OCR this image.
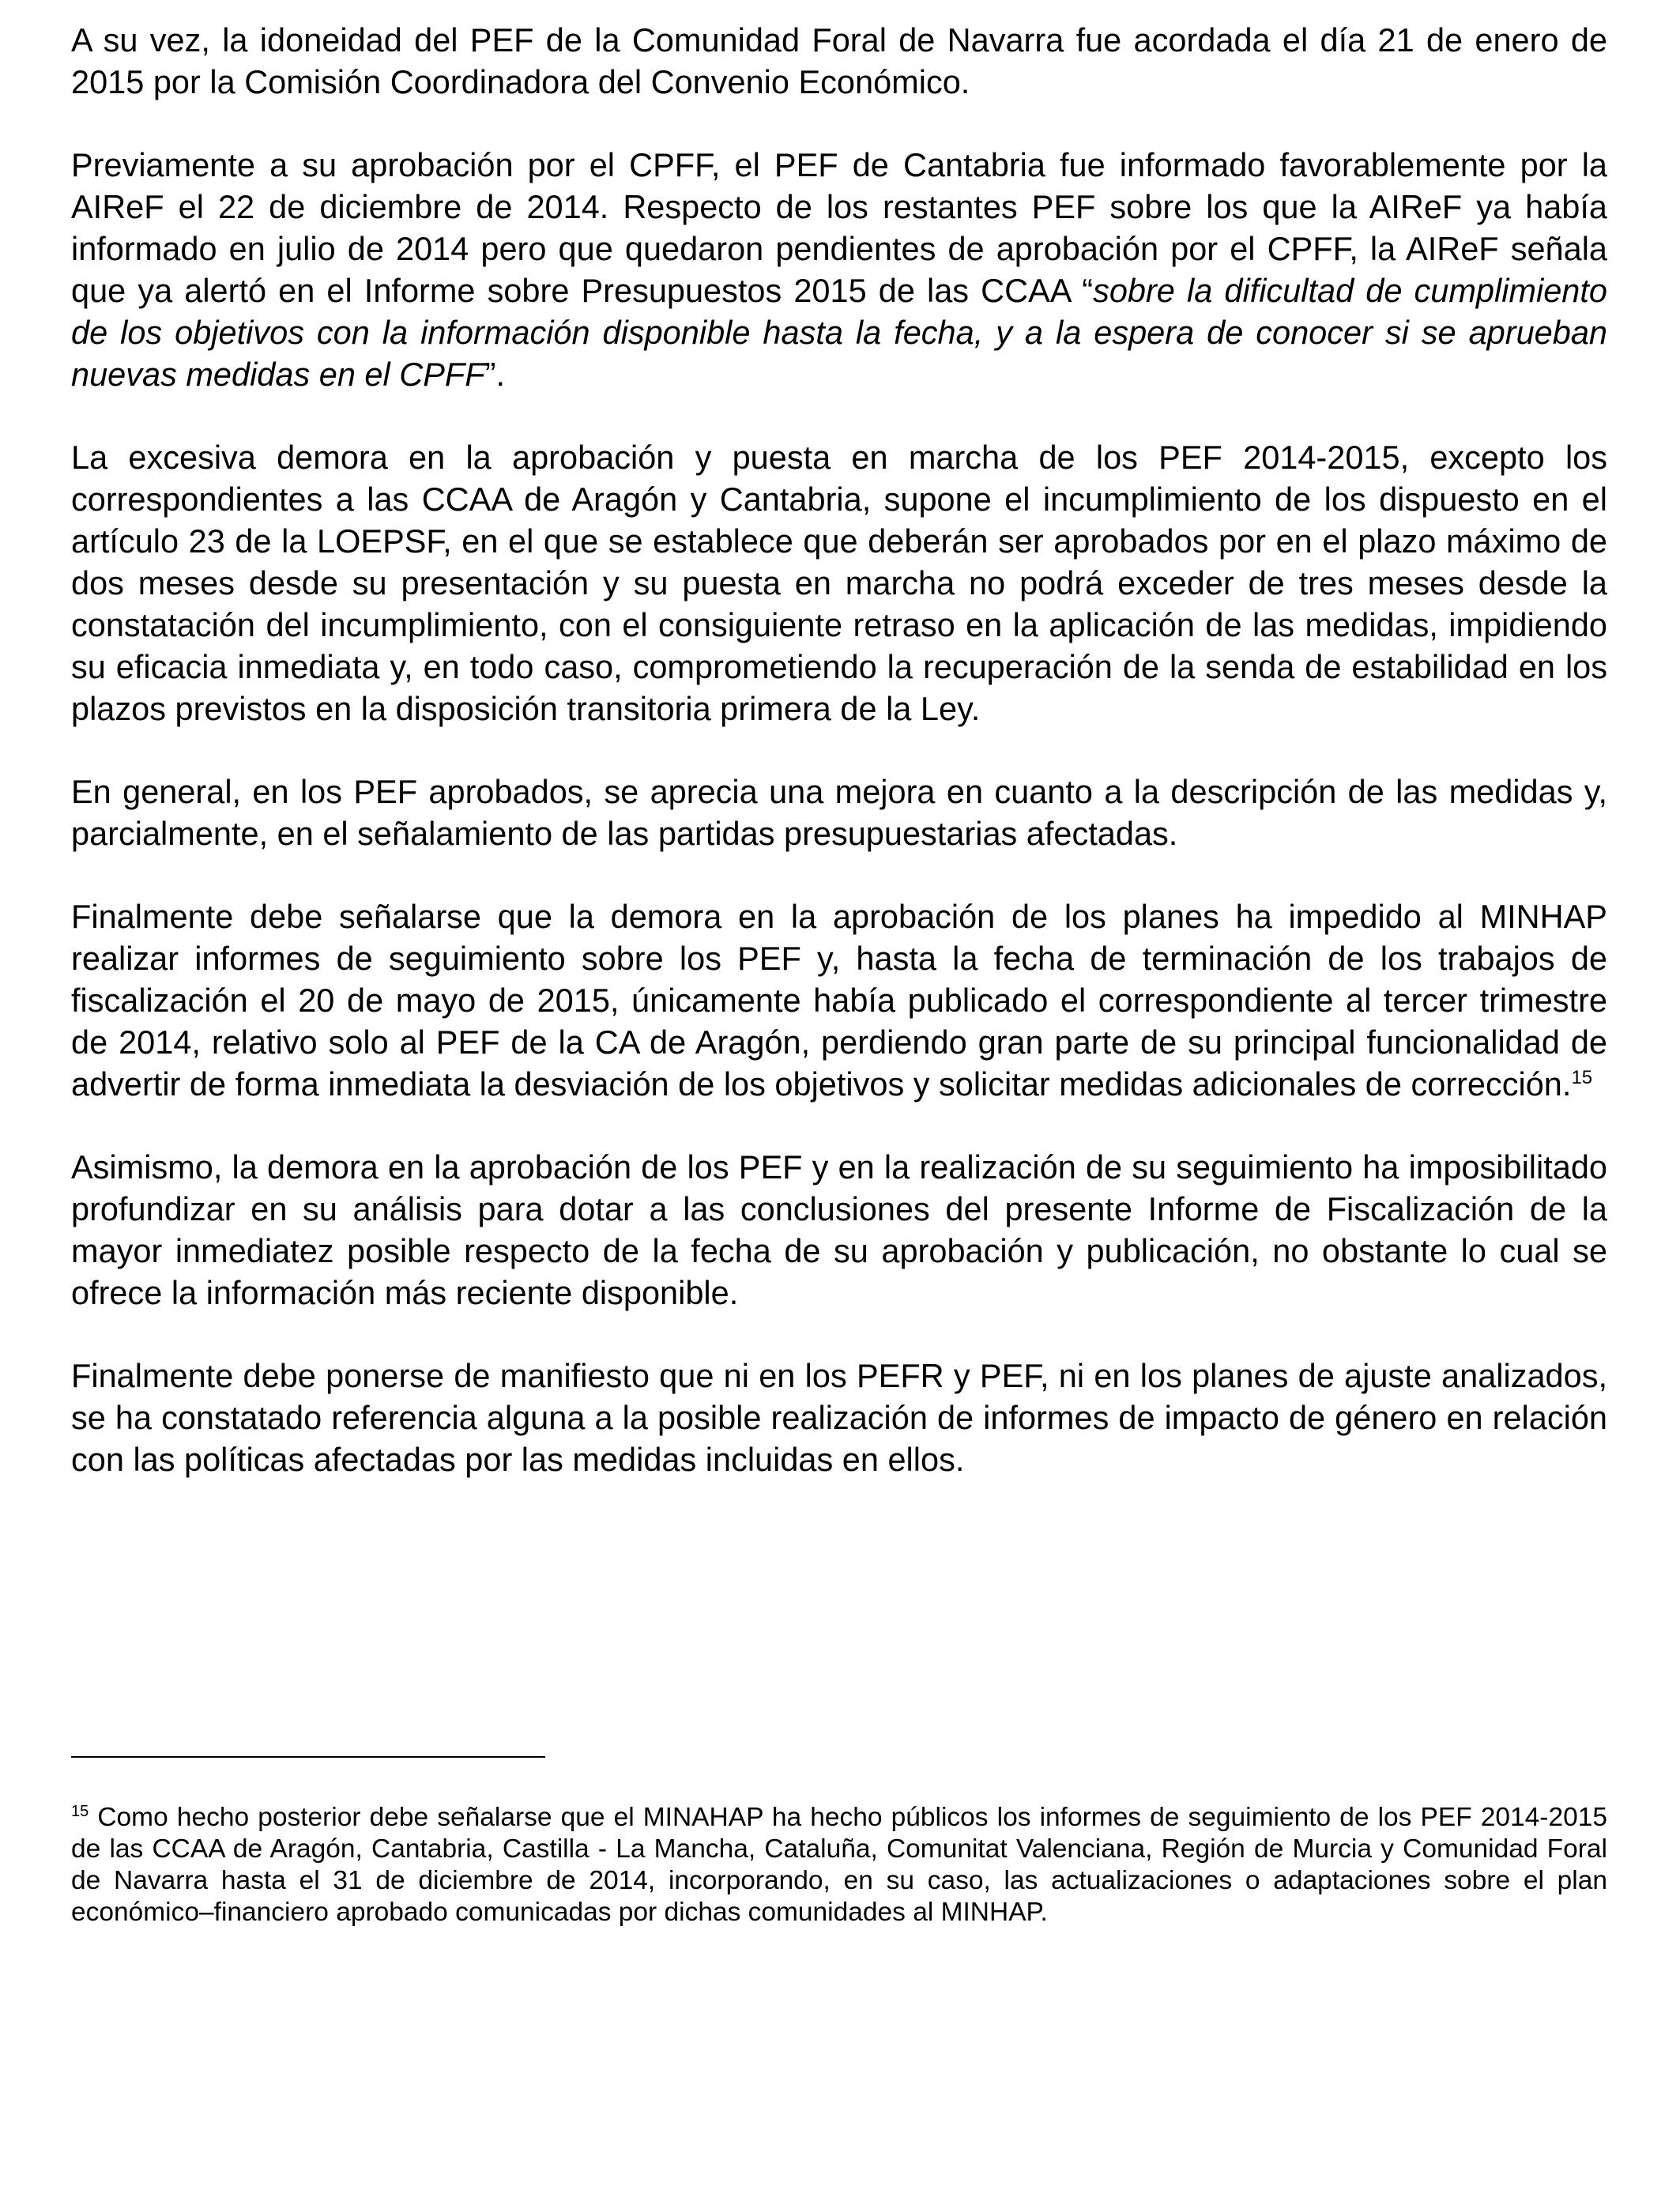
A su vez, la idoneidad del PEF de la Comunidad Foral de Navarra fue acordada el día 21 de enero de 2015 por la Comisión Coordinadora del Convenio Económico.

Previamente a su aprobación por el CPFF, el PEF de Cantabria fue informado favorablemente por la AIReF el 22 de diciembre de 2014. Respecto de los restantes PEF sobre los que la AIReF ya había informado en julio de 2014 pero que quedaron pendientes de aprobación por el CPFF, la AIReF señala que ya alertó en el Informe sobre Presupuestos 2015 de las CCAA “sobre la dificultad de cumplimiento de los objetivos con la información disponible hasta la fecha, y a la espera de conocer si se aprueban nuevas medidas en el CPFF”.

La excesiva demora en la aprobación y puesta en marcha de los PEF 2014-2015, excepto los correspondientes a las CCAA de Aragón y Cantabria, supone el incumplimiento de los dispuesto en el artículo 23 de la LOEPSF, en el que se establece que deberán ser aprobados por en el plazo máximo de dos meses desde su presentación y su puesta en marcha no podrá exceder de tres meses desde la constatación del incumplimiento, con el consiguiente retraso en la aplicación de las medidas, impidiendo su eficacia inmediata y, en todo caso, comprometiendo la recuperación de la senda de estabilidad en los plazos previstos en la disposición transitoria primera de la Ley.

En general, en los PEF aprobados, se aprecia una mejora en cuanto a la descripción de las medidas y, parcialmente, en el señalamiento de las partidas presupuestarias afectadas.

Finalmente debe señalarse que la demora en la aprobación de los planes ha impedido al MINHAP realizar informes de seguimiento sobre los PEF y, hasta la fecha de terminación de los trabajos de fiscalización el 20 de mayo de 2015, únicamente había publicado el correspondiente al tercer trimestre de 2014, relativo solo al PEF de la CA de Aragón, perdiendo gran parte de su principal funcionalidad de advertir de forma inmediata la desviación de los objetivos y solicitar medidas adicionales de corrección.$^{15}$

Asimismo, la demora en la aprobación de los PEF y en la realización de su seguimiento ha imposibilitado profundizar en su análisis para dotar a las conclusiones del presente Informe de Fiscalización de la mayor inmediatez posible respecto de la fecha de su aprobación y publicación, no obstante lo cual se ofrece la información más reciente disponible.

Finalmente debe ponerse de manifiesto que ni en los PEFR y PEF, ni en los planes de ajuste analizados, se ha constatado referencia alguna a la posible realización de informes de impacto de género en relación con las políticas afectadas por las medidas incluidas en ellos.

$^{15}$ Como hecho posterior debe señalarse que el MINAHAP ha hecho públicos los informes de seguimiento de los PEF 2014-2015 de las CCAA de Aragón, Cantabria, Castilla - La Mancha, Cataluña, Comunitat Valenciana, Región de Murcia y Comunidad Foral de Navarra hasta el 31 de diciembre de 2014, incorporando, en su caso, las actualizaciones o adaptaciones sobre el plan económico–financiero aprobado comunicadas por dichas comunidades al MINHAP.
